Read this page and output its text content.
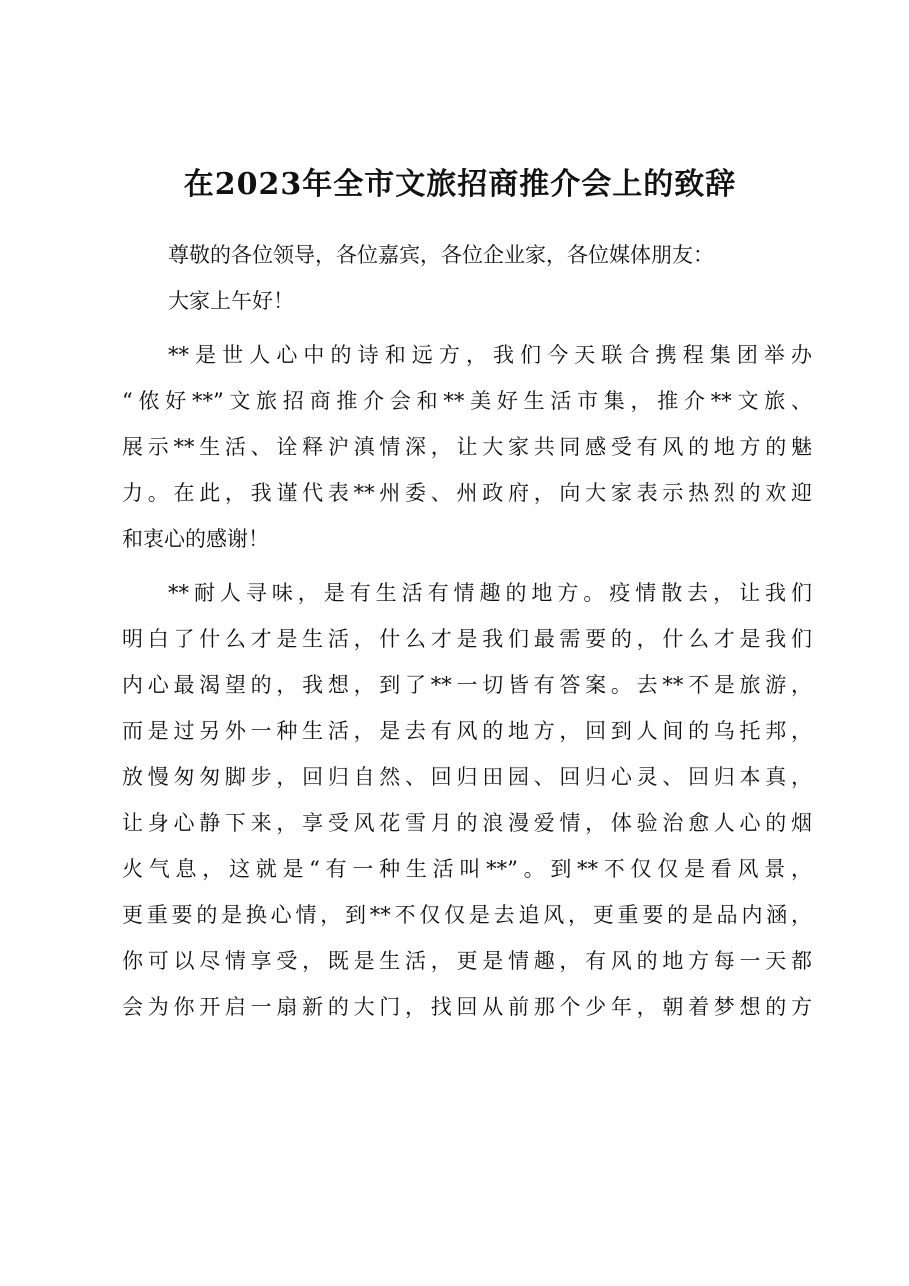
在2023年全市文旅招商推介会上的致辞
尊敬的各位领导，各位嘉宾，各位企业家，各位媒体朋友：
大家上午好！
**是世人心中的诗和远方，我们今天联合携程集团举办
“侬好**”文旅招商推介会和**美好生活市集，推介**文旅、
展示**生活、诠释沪滇情深，让大家共同感受有风的地方的魅
力。在此，我谨代表**州委、州政府，向大家表示热烈的欢迎
和衷心的感谢！
**耐人寻味，是有生活有情趣的地方。疫情散去，让我们
明白了什么才是生活，什么才是我们最需要的，什么才是我们
内心最渴望的，我想，到了**一切皆有答案。去**不是旅游，
而是过另外一种生活，是去有风的地方，回到人间的乌托邦，
放慢匆匆脚步，回归自然、回归田园、回归心灵、回归本真，
让身心静下来，享受风花雪月的浪漫爱情，体验治愈人心的烟
火气息，这就是“有一种生活叫**”。到**不仅仅是看风景，
更重要的是换心情，到**不仅仅是去追风，更重要的是品内涵，
你可以尽情享受，既是生活，更是情趣，有风的地方每一天都
会为你开启一扇新的大门，找回从前那个少年，朝着梦想的方
